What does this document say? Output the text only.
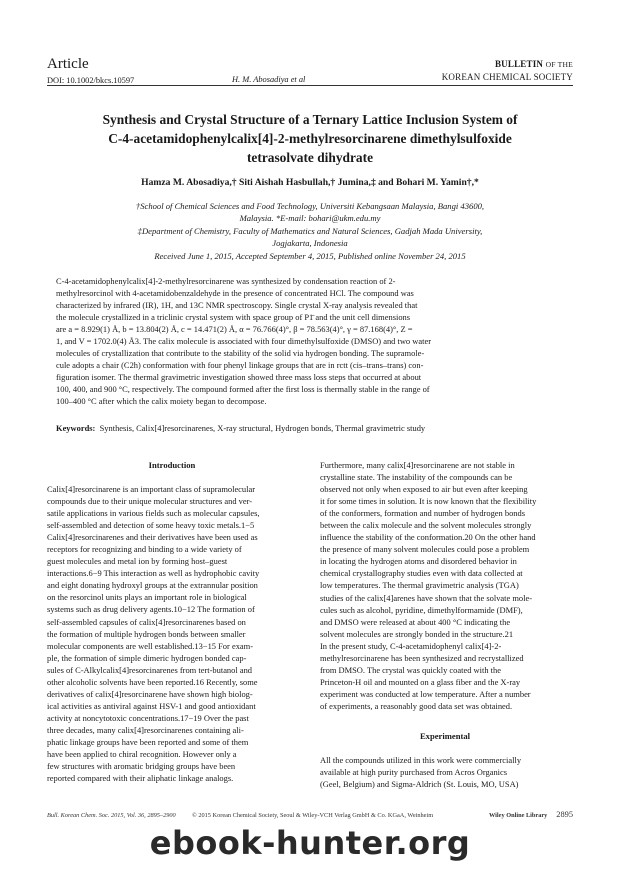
Article
DOI: 10.1002/bkcs.10597	H. M. Abosadiya et al
BULLETIN OF THE
KOREAN CHEMICAL SOCIETY
Synthesis and Crystal Structure of a Ternary Lattice Inclusion System of
C-4-acetamidophenylcalix[4]-2-methylresorcinarene dimethylsulfoxide
tetrasolvate dihydrate
Hamza M. Abosadiya,† Siti Aishah Hasbullah,† Jumina,‡ and Bohari M. Yamin†,*
†School of Chemical Sciences and Food Technology, Universiti Kebangsaan Malaysia, Bangi 43600,
Malaysia. *E-mail: bohari@ukm.edu.my
‡Department of Chemistry, Faculty of Mathematics and Natural Sciences, Gadjah Mada University,
Jogjakarta, Indonesia
Received June 1, 2015, Accepted September 4, 2015, Published online November 24, 2015
C-4-acetamidophenylcalix[4]-2-methylresorcinarene was synthesized by condensation reaction of 2-
methylresorcinol with 4-acetamidobenzaldehyde in the presence of concentrated HCl. The compound was
characterized by infrared (IR), 1H, and 13C NMR spectroscopy. Single crystal X-ray analysis revealed that
the molecule crystallized in a triclinic crystal system with space group of P1̄ and the unit cell dimensions
are a = 8.929(1) Å, b = 13.804(2) Å, c = 14.471(2) Å, α = 76.766(4)°, β = 78.563(4)°, γ = 87.168(4)°, Z =
1, and V = 1702.0(4) Å3. The calix molecule is associated with four dimethylsulfoxide (DMSO) and two water
molecules of crystallization that contribute to the stability of the solid via hydrogen bonding. The supramole-
cule adopts a chair (C2h) conformation with four phenyl linkage groups that are in rctt (cis–trans–trans) con-
figuration isomer. The thermal gravimetric investigation showed three mass loss steps that occurred at about
100, 400, and 900 °C, respectively. The compound formed after the first loss is thermally stable in the range of
100–400 °C after which the calix moiety began to decompose.
Keywords: Synthesis, Calix[4]resorcinarenes, X-ray structural, Hydrogen bonds, Thermal gravimetric study
Introduction
Calix[4]resorcinarene is an important class of supramolecular
compounds due to their unique molecular structures and ver-
satile applications in various fields such as molecular capsules,
self-assembled and detection of some heavy toxic metals.1−5
Calix[4]resorcinarenes and their derivatives have been used as
receptors for recognizing and binding to a wide variety of
guest molecules and metal ion by forming host–guest
interactions.6−9 This interaction as well as hydrophobic cavity
and eight donating hydroxyl groups at the extrannular position
on the resorcinol units plays an important role in biological
systems such as drug delivery agents.10−12 The formation of
self-assembled capsules of calix[4]resorcinarenes based on
the formation of multiple hydrogen bonds between smaller
molecular components are well established.13−15 For exam-
ple, the formation of simple dimeric hydrogen bonded cap-
sules of C-Alkylcalix[4]resorcinarenes from tert-butanol and
other alcoholic solvents have been reported.16 Recently, some
derivatives of calix[4]resorcinarene have shown high biolog-
ical activities as antiviral against HSV-1 and good antioxidant
activity at noncytotoxic concentrations.17−19 Over the past
three decades, many calix[4]resorcinarenes containing ali-
phatic linkage groups have been reported and some of them
have been applied to chiral recognition. However only a
few structures with aromatic bridging groups have been
reported compared with their aliphatic linkage analogs.
Furthermore, many calix[4]resorcinarene are not stable in
crystalline state. The instability of the compounds can be
observed not only when exposed to air but even after keeping
it for some times in solution. It is now known that the flexibility
of the conformers, formation and number of hydrogen bonds
between the calix molecule and the solvent molecules strongly
influence the stability of the conformation.20 On the other hand
the presence of many solvent molecules could pose a problem
in locating the hydrogen atoms and disordered behavior in
chemical crystallography studies even with data collected at
low temperatures. The thermal gravimetric analysis (TGA)
studies of the calix[4]arenes have shown that the solvate mole-
cules such as alcohol, pyridine, dimethylformamide (DMF),
and DMSO were released at about 400 °C indicating the
solvent molecules are strongly bonded in the structure.21
In the present study, C-4-acetamidophenyl calix[4]-2-
methylresorcinarene has been synthesized and recrystallized
from DMSO. The crystal was quickly coated with the
Princeton-H oil and mounted on a glass fiber and the X-ray
experiment was conducted at low temperature. After a number
of experiments, a reasonably good data set was obtained.
Experimental
All the compounds utilized in this work were commercially
available at high purity purchased from Acros Organics
(Geel, Belgium) and Sigma-Aldrich (St. Louis, MO, USA)
Bull. Korean Chem. Soc. 2015, Vol. 36, 2895–2900	© 2015 Korean Chemical Society, Seoul & Wiley-VCH Verlag GmbH & Co. KGaA, Weinheim	Wiley Online Library 2895
ebook-hunter.org
